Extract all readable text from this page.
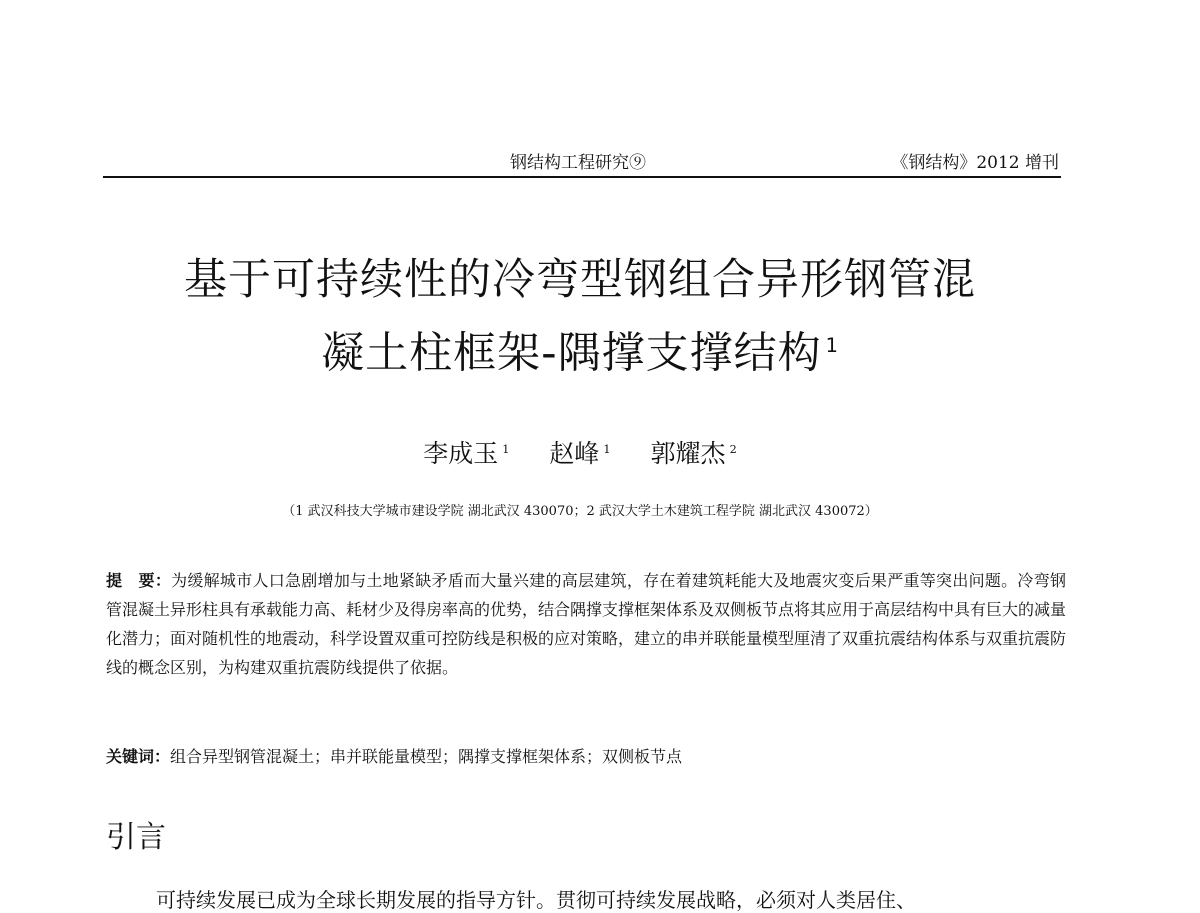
钢结构工程研究⑨	《钢结构》2012 增刊
基于可持续性的冷弯型钢组合异形钢管混
凝土柱框架-隅撑支撑结构 $^1$
李成玉 $^1$ 赵峰 $^1$ 郭耀杰 $^2$
（1 武汉科技大学城市建设学院 湖北武汉 430070；2 武汉大学土木建筑工程学院 湖北武汉 430072）
提　要：为缓解城市人口急剧增加与土地紧缺矛盾而大量兴建的高层建筑，存在着建筑耗能大及地震灾变后果严重等突出问题。冷弯钢管混凝土异形柱具有承载能力高、耗材少及得房率高的优势，结合隅撑支撑框架体系及双侧板节点将其应用于高层结构中具有巨大的减量化潜力；面对随机性的地震动，科学设置双重可控防线是积极的应对策略，建立的串并联能量模型厘清了双重抗震结构体系与双重抗震防线的概念区别，为构建双重抗震防线提供了依据。
关键词：组合异型钢管混凝土；串并联能量模型；隅撑支撑框架体系；双侧板节点
引言
可持续发展已成为全球长期发展的指导方针。贯彻可持续发展战略，必须对人类居住、
